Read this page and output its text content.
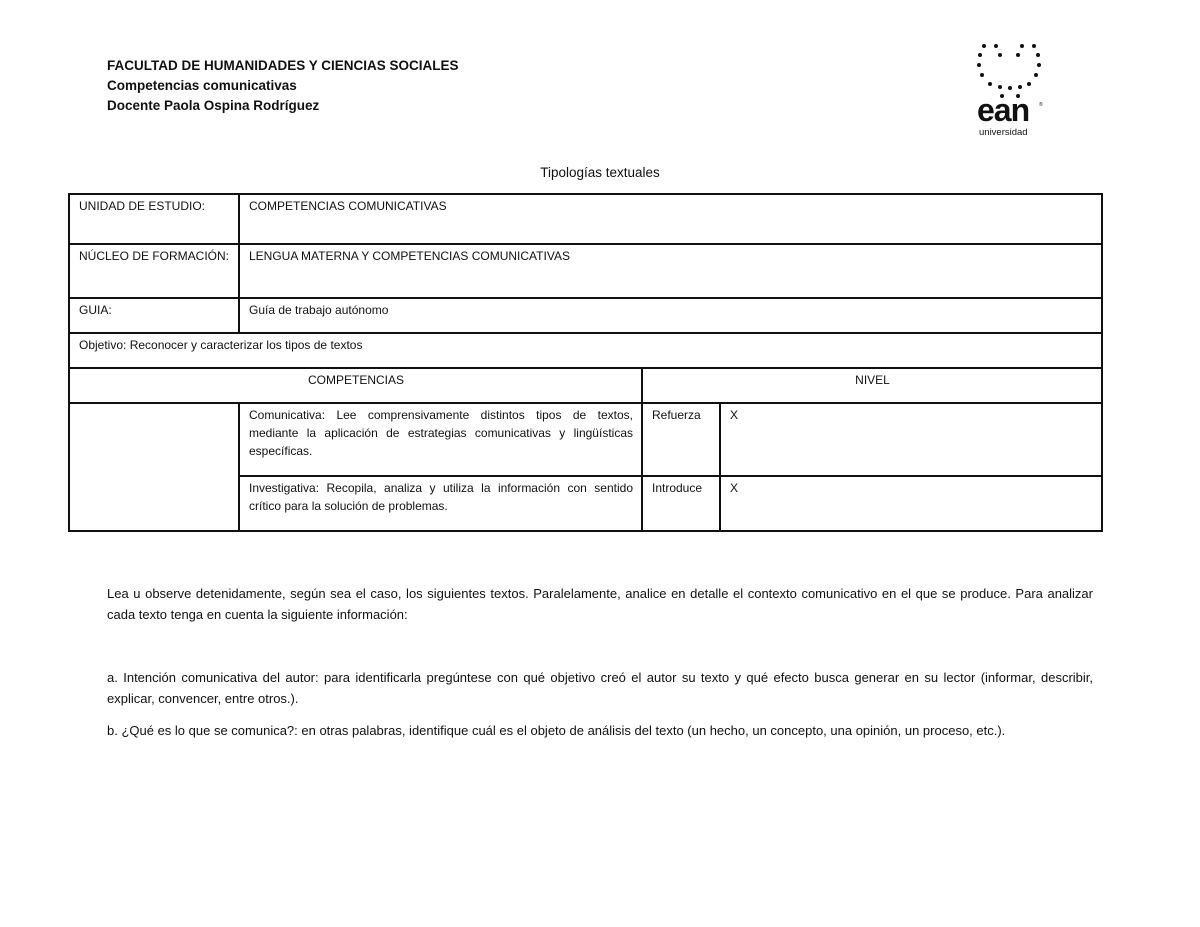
FACULTAD DE HUMANIDADES Y CIENCIAS SOCIALES
Competencias comunicativas
Docente Paola Ospina Rodríguez	ean ®
universidad
Tipologías textuales
UNIDAD DE ESTUDIO:	COMPETENCIAS COMUNICATIVAS		
NÚCLEO DE FORMACIÓN:	LENGUA MATERNA Y COMPETENCIAS COMUNICATIVAS		
GUIA:	Guía de trabajo autónomo		
Objetivo: Reconocer y caracterizar los tipos de textos			
COMPETENCIAS		NIVEL	
	Comunicativa: Lee comprensivamente distintos tipos de textos, mediante la aplicación de estrategias comunicativas y lingüísticas específicas.	Refuerza	X
	Investigativa: Recopila, analiza y utiliza la información con sentido crítico para la solución de problemas.	Introduce	X
Lea u observe detenidamente, según sea el caso, los siguientes textos. Paralelamente, analice en detalle el contexto comunicativo en el que se produce. Para analizar cada texto tenga en cuenta la siguiente información:
a. Intención comunicativa del autor: para identificarla pregúntese con qué objetivo creó el autor su texto y qué efecto busca generar en su lector (informar, describir, explicar, convencer, entre otros.).
b. ¿Qué es lo que se comunica?: en otras palabras, identifique cuál es el objeto de análisis del texto (un hecho, un concepto, una opinión, un proceso, etc.).
